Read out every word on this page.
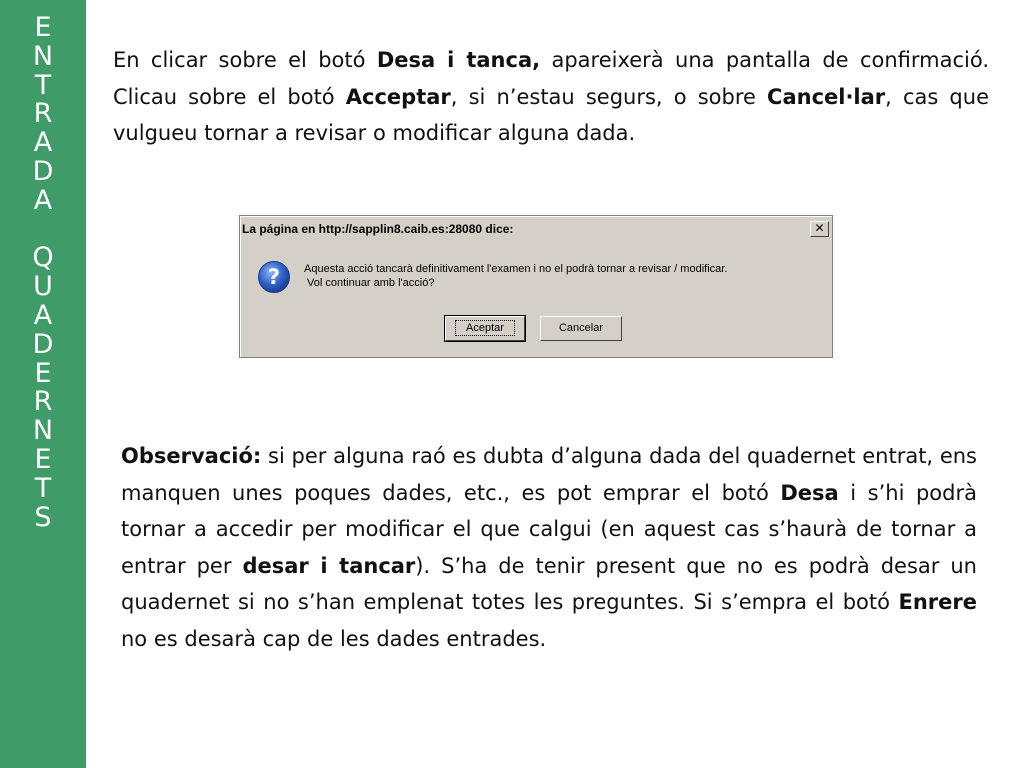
E
N
T
R
A
D
A

Q
U
A
D
E
R
N
E
T
S

En clicar sobre el botó Desa i tanca, apareixerà una pantalla de confirmació. Clicau sobre el botó Acceptar, si n’estau segurs, o sobre Cancel·lar, cas que vulgueu tornar a revisar o modificar alguna dada.

La página en http://sapplin8.caib.es:28080 dice:	✕
? Aquesta acció tancarà definitivament l'examen i no el podrà tornar a revisar / modificar.
Vol continuar amb l'acció?
Aceptar	Cancelar

Observació: si per alguna raó es dubta d’alguna dada del quadernet entrat, ens manquen unes poques dades, etc., es pot emprar el botó Desa i s’hi podrà tornar a accedir per modificar el que calgui (en aquest cas s’haurà de tornar a entrar per desar i tancar). S’ha de tenir present que no es podrà desar un quadernet si no s’han emplenat totes les preguntes. Si s’empra el botó Enrere no es desarà cap de les dades entrades.
